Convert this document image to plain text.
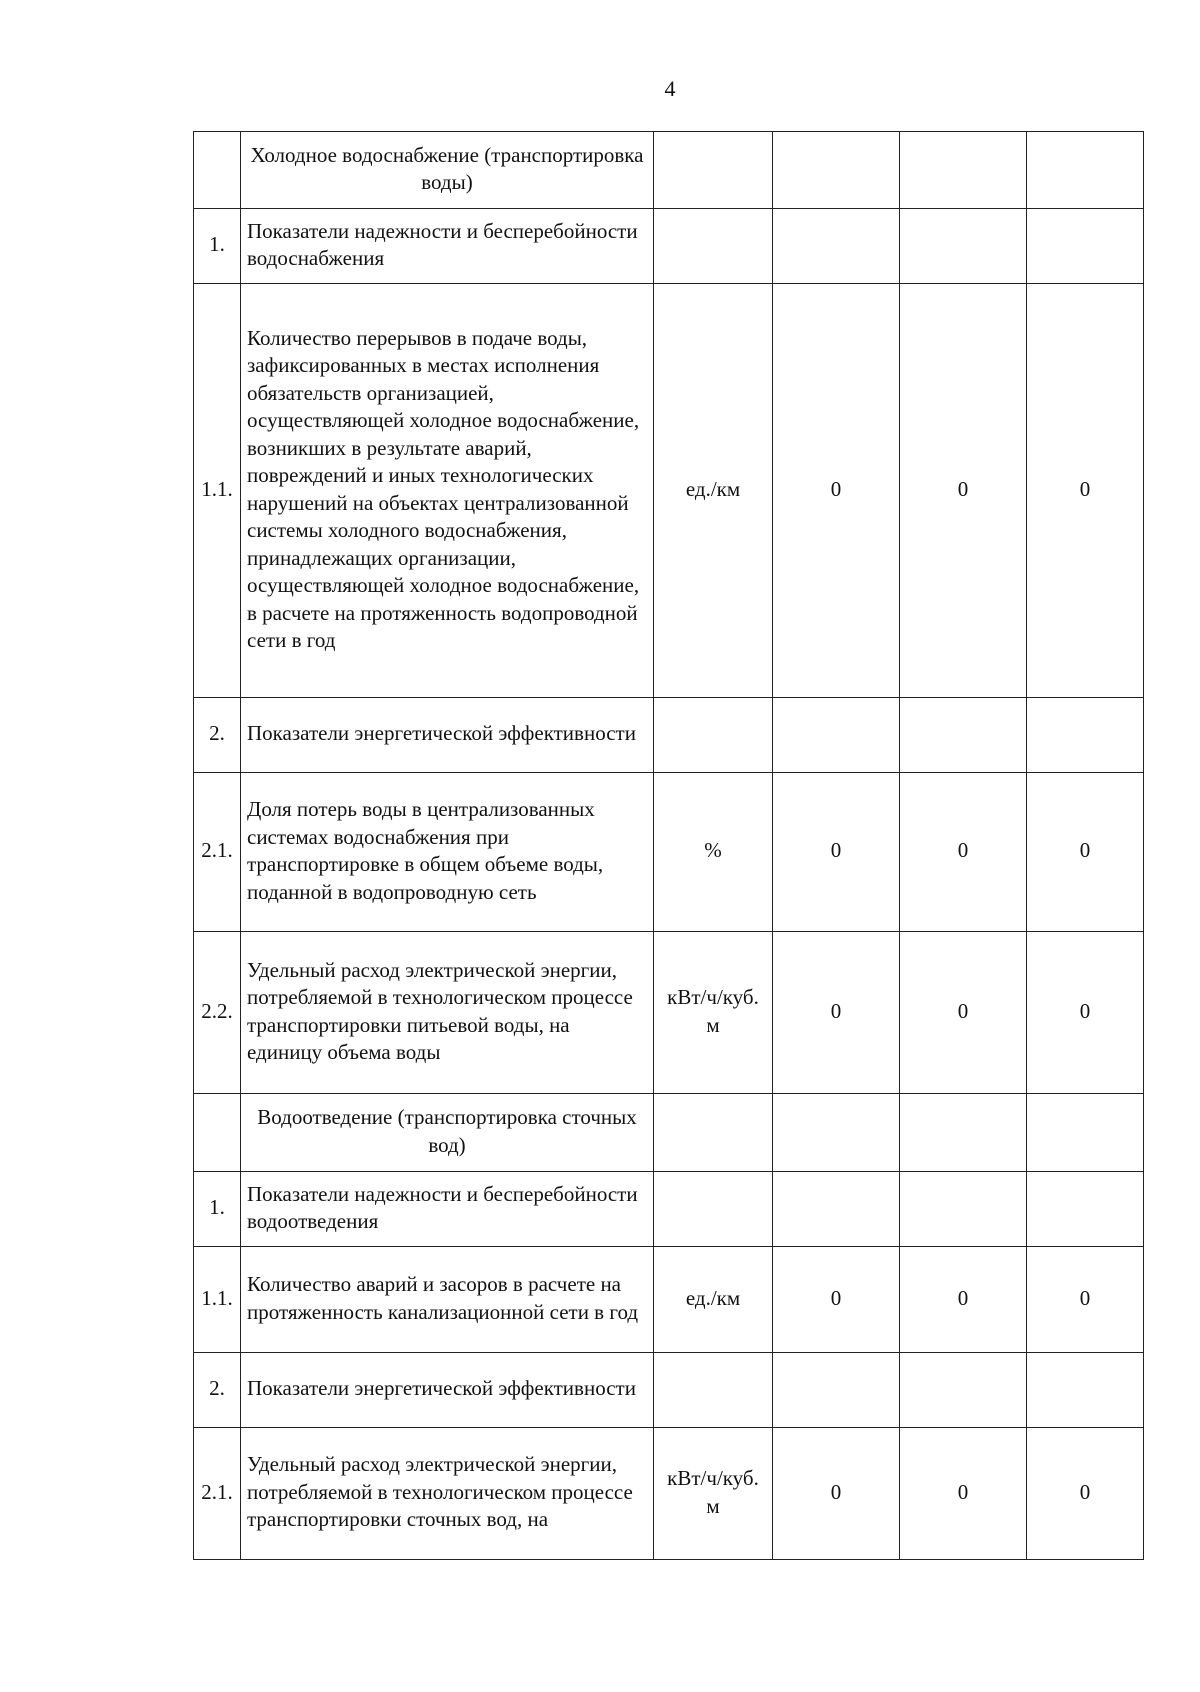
4
	Холодное водоснабжение (транспортировка воды)				
1.	Показатели надежности и бесперебойности водоснабжения				
1.1.	Количество перерывов в подаче воды, зафиксированных в местах исполнения обязательств организацией, осуществляющей холодное водоснабжение, возникших в результате аварий, повреждений и иных технологических нарушений на объектах централизованной системы холодного водоснабжения, принадлежащих организации, осуществляющей холодное водоснабжение, в расчете на протяженность водопроводной сети в год	ед./км	0	0	0
2.	Показатели энергетической эффективности				
2.1.	Доля потерь воды в централизованных системах водоснабжения при транспортировке в общем объеме воды, поданной в водопроводную сеть	%	0	0	0
2.2.	Удельный расход электрической энергии, потребляемой в технологическом процессе транспортировки питьевой воды, на единицу объема воды	кВт/ч/куб. м	0	0	0
	Водоотведение (транспортировка сточных вод)				
1.	Показатели надежности и бесперебойности водоотведения				
1.1.	Количество аварий и засоров в расчете на протяженность канализационной сети в год	ед./км	0	0	0
2.	Показатели энергетической эффективности				
2.1.	Удельный расход электрической энергии, потребляемой в технологическом процессе транспортировки сточных вод, на	кВт/ч/куб. м	0	0	0
